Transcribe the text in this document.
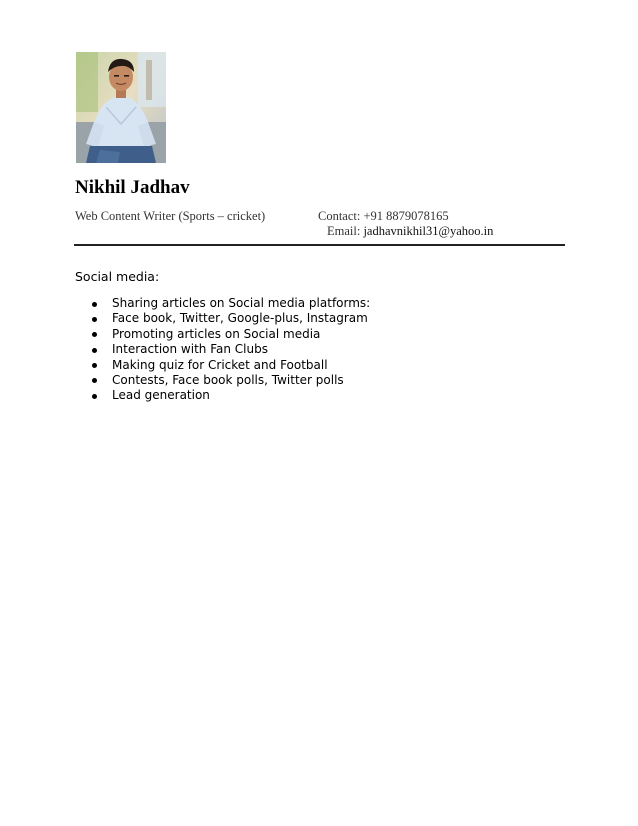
Nikhil Jadhav
Web Content Writer (Sports – cricket)	Contact: +91 8879078165
Email: jadhavnikhil31@yahoo.in
Social media:
Sharing articles on Social media platforms:
Face book, Twitter, Google-plus, Instagram
Promoting articles on Social media
Interaction with Fan Clubs
Making quiz for Cricket and Football
Contests, Face book polls, Twitter polls
Lead generation
